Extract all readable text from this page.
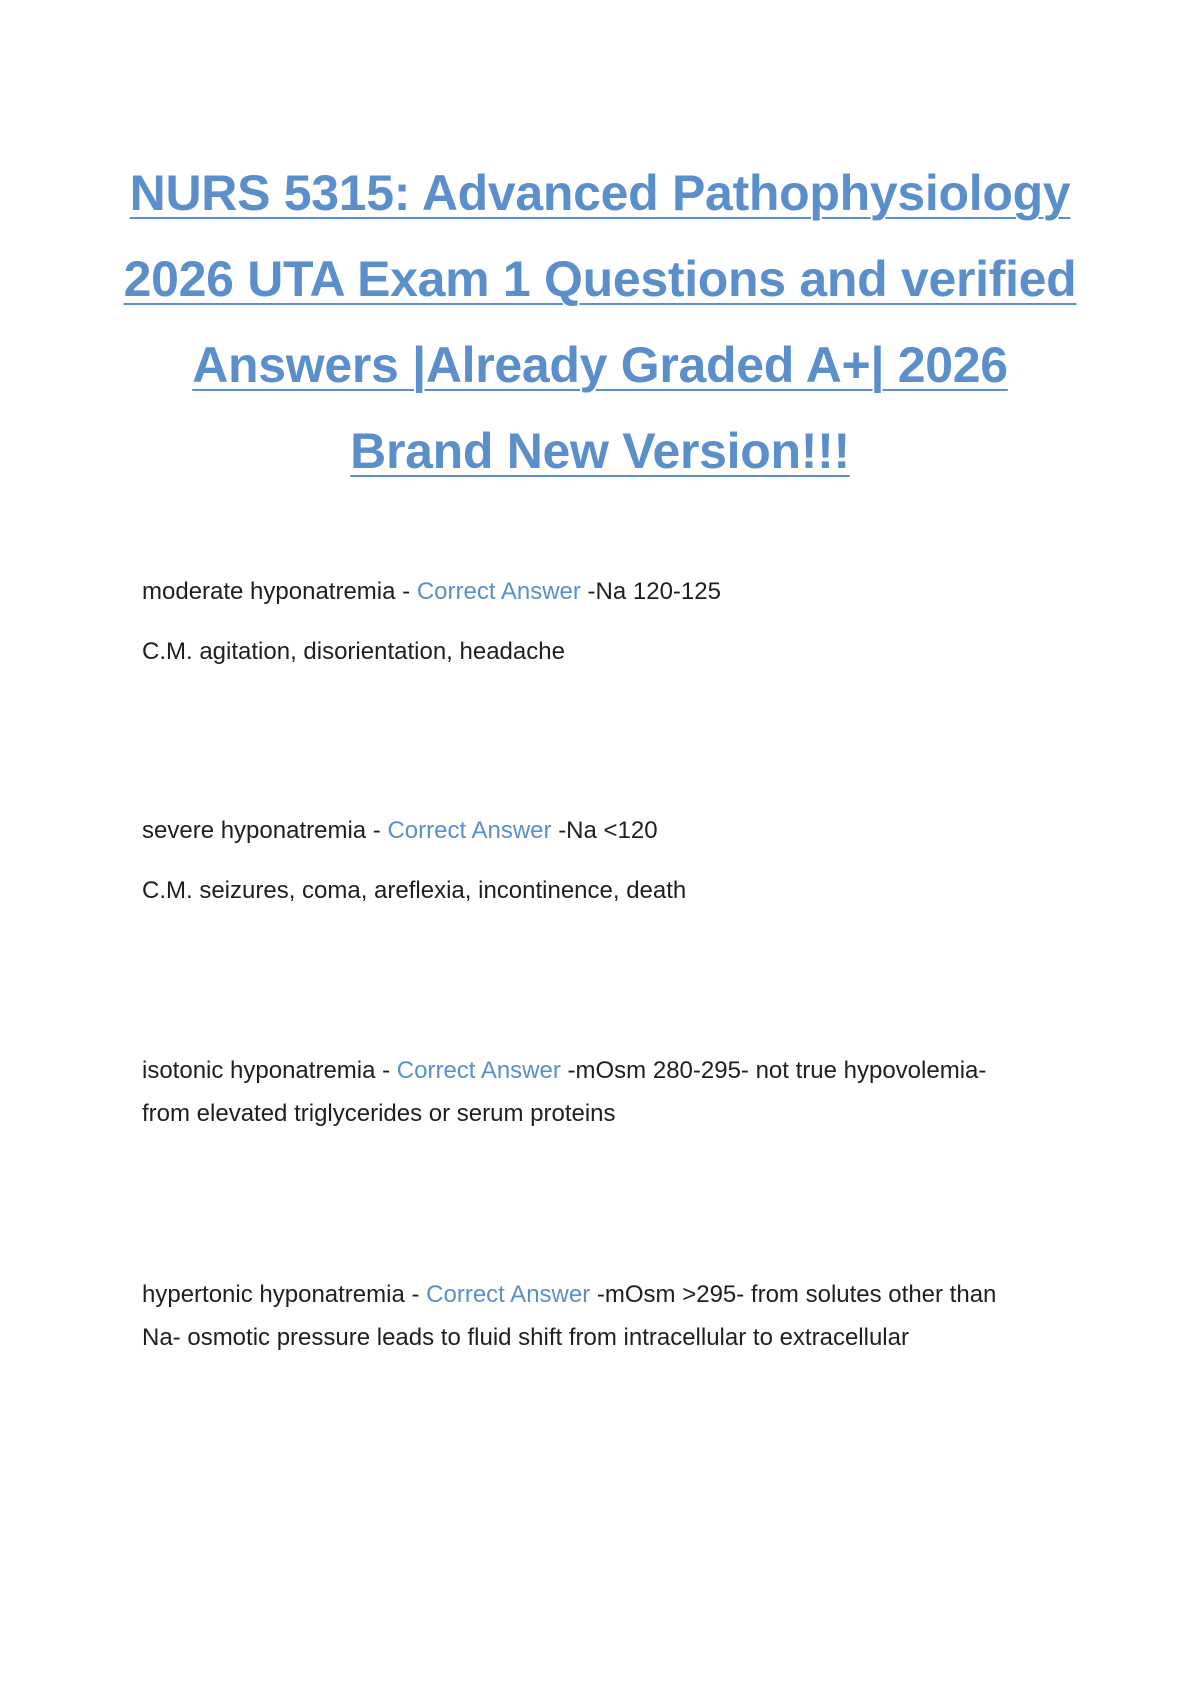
NURS 5315: Advanced Pathophysiology
2026 UTA Exam 1 Questions and verified
Answers |Already Graded A+| 2026
Brand New Version!!!

moderate hyponatremia - Correct Answer -Na 120-125

C.M. agitation, disorientation, headache

severe hyponatremia - Correct Answer -Na <120

C.M. seizures, coma, areflexia, incontinence, death

isotonic hyponatremia - Correct Answer -mOsm 280-295- not true hypovolemia-

from elevated triglycerides or serum proteins

hypertonic hyponatremia - Correct Answer -mOsm >295- from solutes other than

Na- osmotic pressure leads to fluid shift from intracellular to extracellular
